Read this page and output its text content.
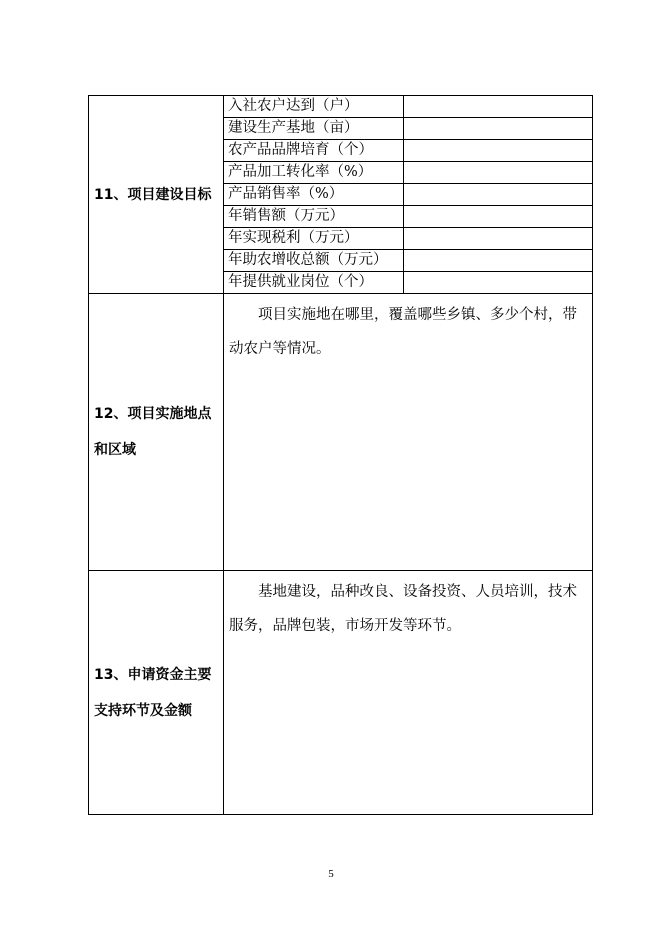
11、项目建设目标	入社农户达到（户）	
	建设生产基地（亩）	
	农产品品牌培育（个）	
	产品加工转化率（%）	
	产品销售率（%）	
	年销售额（万元）	
	年实现税利（万元）	
	年助农增收总额（万元）	
	年提供就业岗位（个）	
12、项目实施地点和区域	项目实施地在哪里，覆盖哪些乡镇、多少个村，带动农户等情况。	

13、申请资金主要支持环节及金额	基地建设，品种改良、设备投资、人员培训，技术服务，品牌包装，市场开发等环节。	

5
